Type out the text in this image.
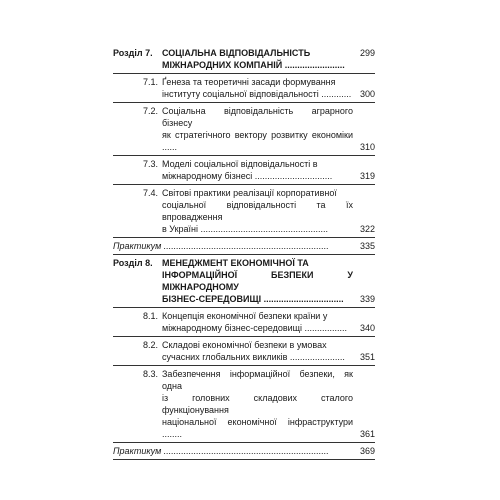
Розділ 7.	СОЦІАЛЬНА ВІДПОВІДАЛЬНІСТЬ
МІЖНАРОДНИХ КОМПАНІЙ ........................
299
7.1. Ґенеза та теоретичні засади формування
інституту соціальної відповідальності ............ 300
7.2. Соціальна відповідальність аграрного бізнесу
як стратегічного вектору розвитку економіки ......	310
7.3. Моделі соціальної відповідальності в
міжнародному бізнесі ...............................	319
7.4. Світові практики реалізації корпоративної
соціальної відповідальності та їх впровадження
в Україні ...................................................	322
Практикум ..................................................................	335
Розділ 8.	МЕНЕДЖМЕНТ ЕКОНОМІЧНОЇ ТА
ІНФОРМАЦІЙНОЇ БЕЗПЕКИ У МІЖНАРОДНОМУ
БІЗНЕС-СЕРЕДОВИЩІ ................................	339
8.1. Концепція економічної безпеки країни у
міжнародному бізнес-середовищі .................	340
8.2. Складові економічної безпеки в умовах
сучасних глобальних викликів ......................	351
8.3. Забезпечення інформаційної безпеки, як одна
із головних складових сталого функціонування
національної економічної інфраструктури ........	361
Практикум ..................................................................	369
